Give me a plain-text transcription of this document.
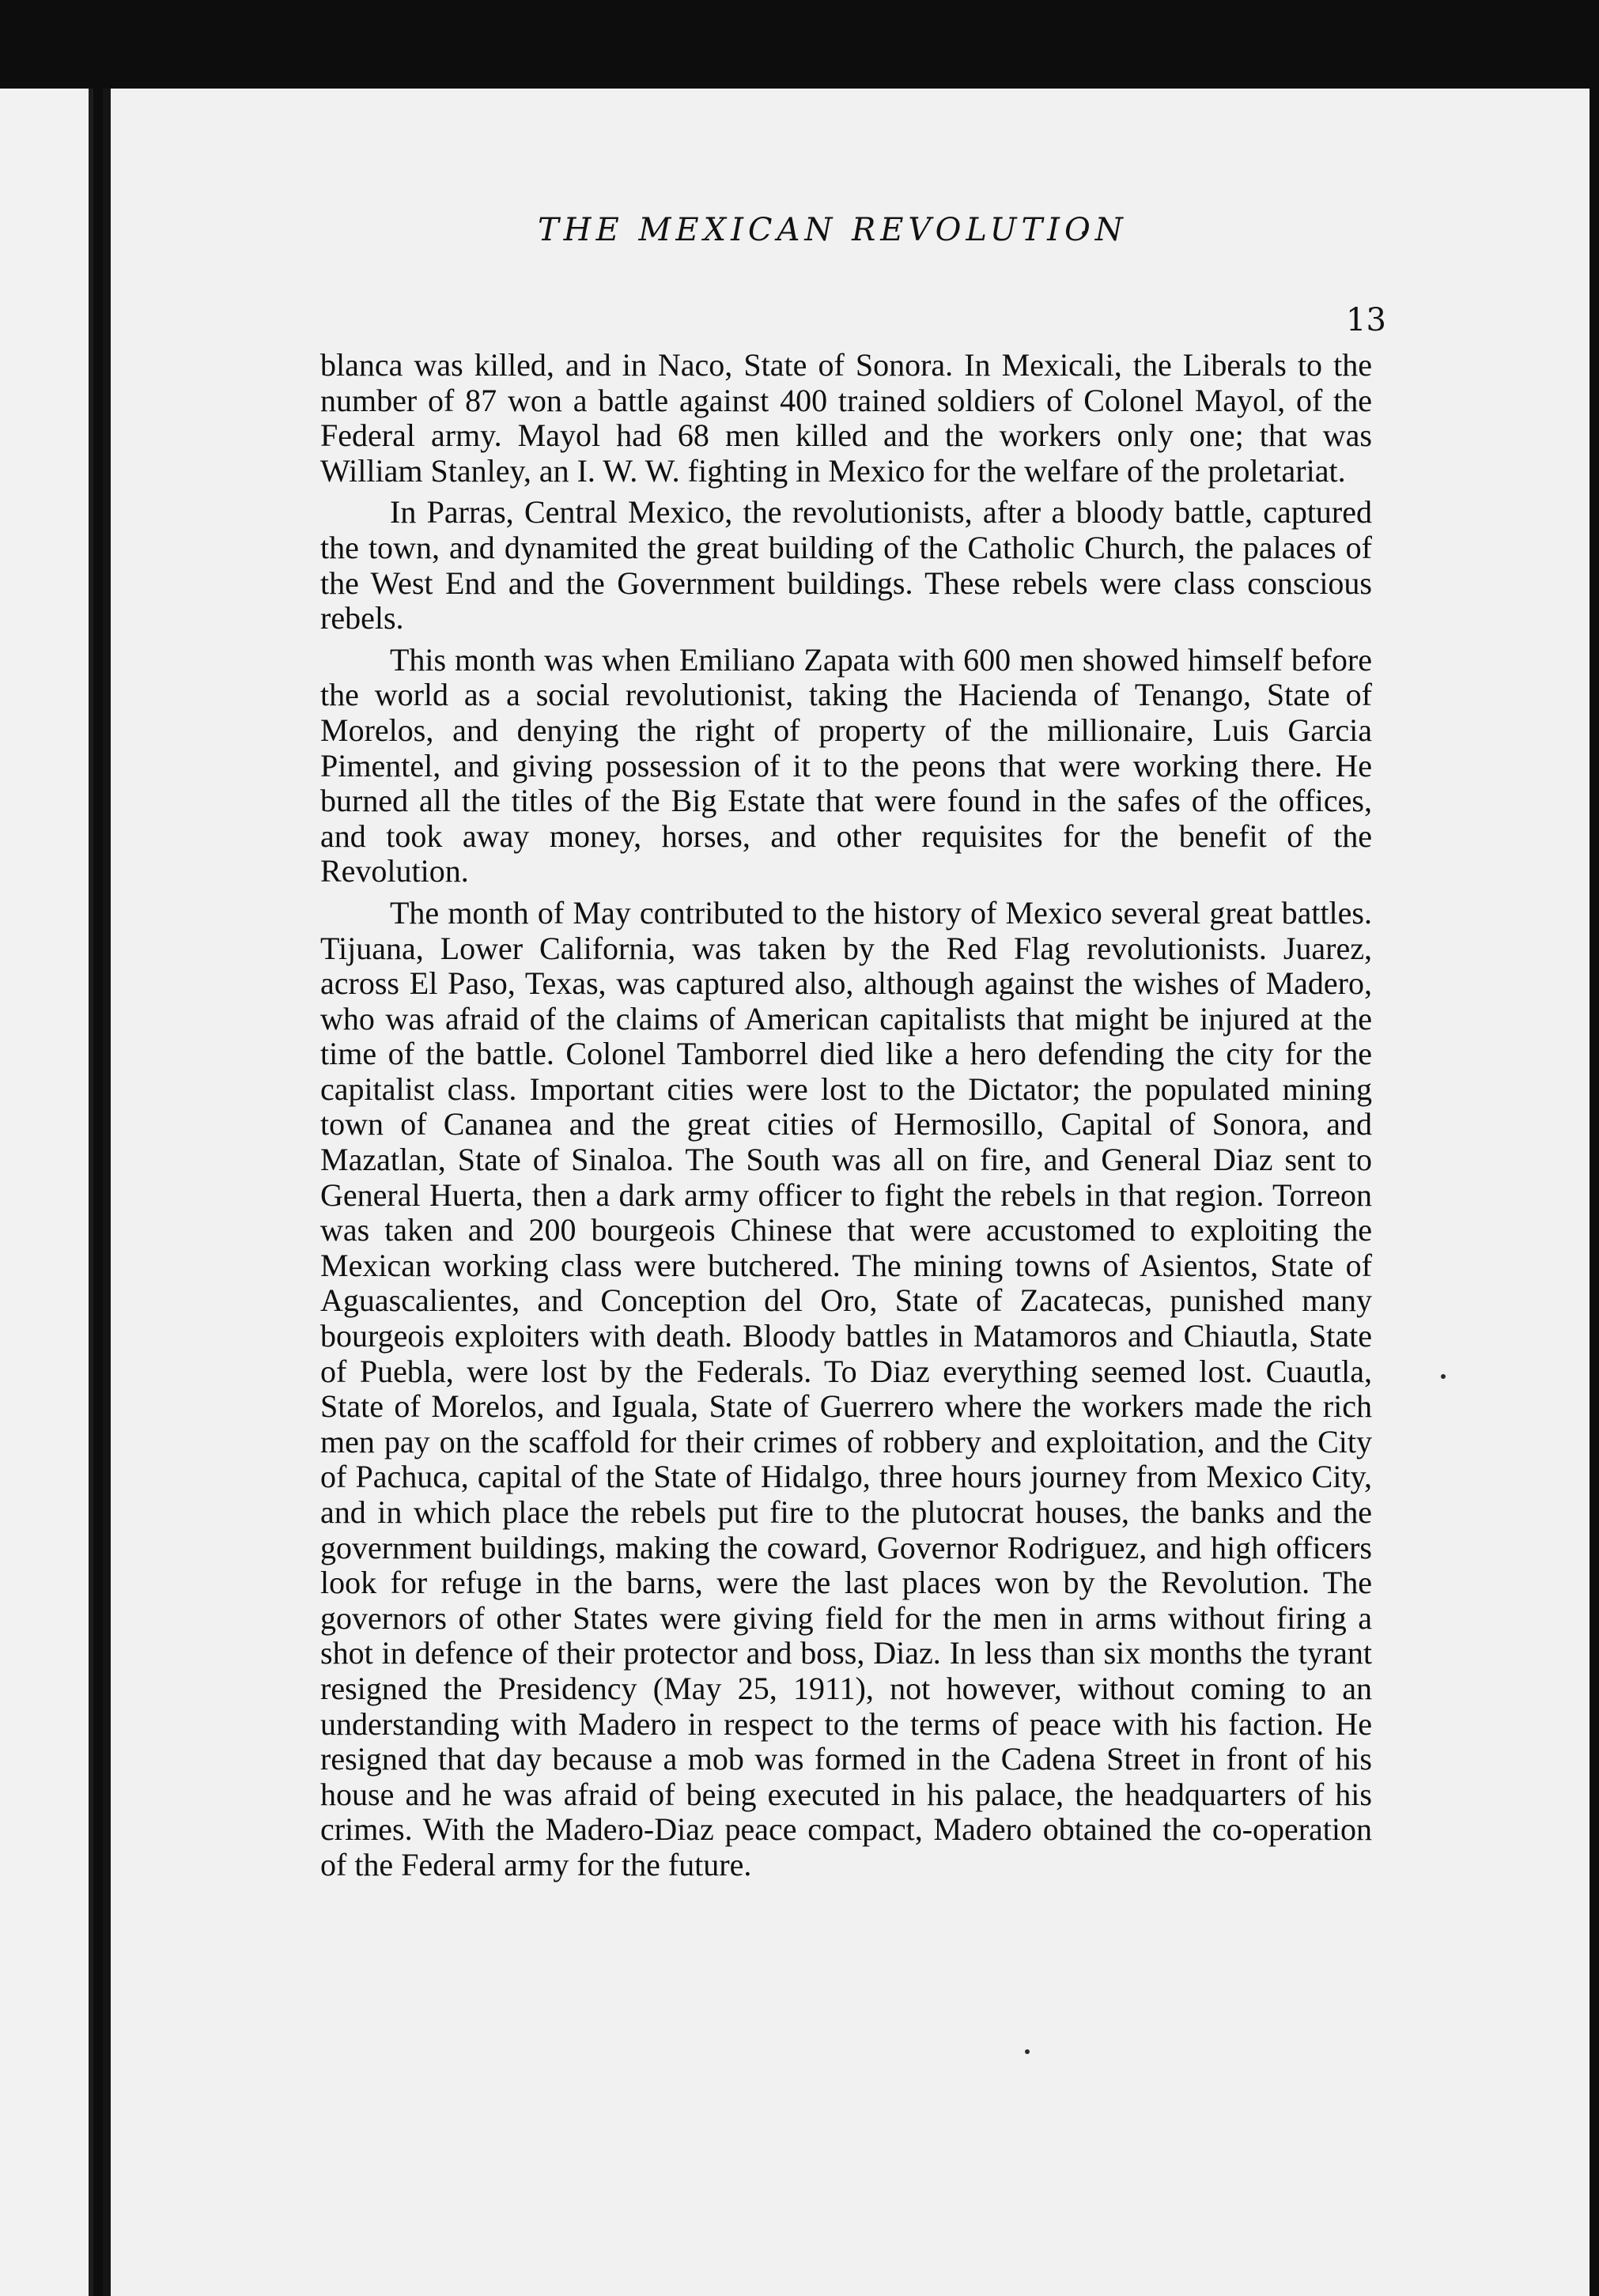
THE MEXICAN REVOLUTION
13

blanca was killed, and in Naco, State of Sonora. In Mexicali, the Liberals to the number of 87 won a battle against 400 trained soldiers of Colonel Mayol, of the Federal army. Mayol had 68 men killed and the workers only one; that was William Stanley, an I. W. W. fighting in Mexico for the welfare of the proletariat.

In Parras, Central Mexico, the revolutionists, after a bloody battle, captured the town, and dynamited the great building of the Catholic Church, the palaces of the West End and the Government buildings. These rebels were class conscious rebels.

This month was when Emiliano Zapata with 600 men showed himself before the world as a social revolutionist, taking the Hacienda of Tenango, State of Morelos, and denying the right of property of the millionaire, Luis Garcia Pimentel, and giving possession of it to the peons that were working there. He burned all the titles of the Big Estate that were found in the safes of the offices, and took away money, horses, and other requisites for the benefit of the Revolution.

The month of May contributed to the history of Mexico several great battles. Tijuana, Lower California, was taken by the Red Flag revolutionists. Juarez, across El Paso, Texas, was captured also, although against the wishes of Madero, who was afraid of the claims of American capitalists that might be injured at the time of the battle. Colonel Tamborrel died like a hero defending the city for the capitalist class. Important cities were lost to the Dictator; the populated mining town of Cananea and the great cities of Hermosillo, Capital of Sonora, and Mazatlan, State of Sinaloa. The South was all on fire, and General Diaz sent to General Huerta, then a dark army officer to fight the rebels in that region. Torreon was taken and 200 bourgeois Chinese that were accustomed to exploiting the Mexican working class were butchered. The mining towns of Asientos, State of Aguascalientes, and Conception del Oro, State of Zacatecas, punished many bourgeois exploiters with death. Bloody battles in Matamoros and Chiautla, State of Puebla, were lost by the Federals. To Diaz everything seemed lost. Cuautla, State of Morelos, and Iguala, State of Guerrero where the workers made the rich men pay on the scaffold for their crimes of robbery and exploitation, and the City of Pachuca, capital of the State of Hidalgo, three hours journey from Mexico City, and in which place the rebels put fire to the plutocrat houses, the banks and the government buildings, making the coward, Governor Rodriguez, and high officers look for refuge in the barns, were the last places won by the Revolution. The governors of other States were giving field for the men in arms without firing a shot in defence of their protector and boss, Diaz. In less than six months the tyrant resigned the Presidency (May 25, 1911), not however, without coming to an understanding with Madero in respect to the terms of peace with his faction. He resigned that day because a mob was formed in the Cadena Street in front of his house and he was afraid of being executed in his palace, the headquarters of his crimes. With the Madero-Diaz peace compact, Madero obtained the co-operation of the Federal army for the future.
